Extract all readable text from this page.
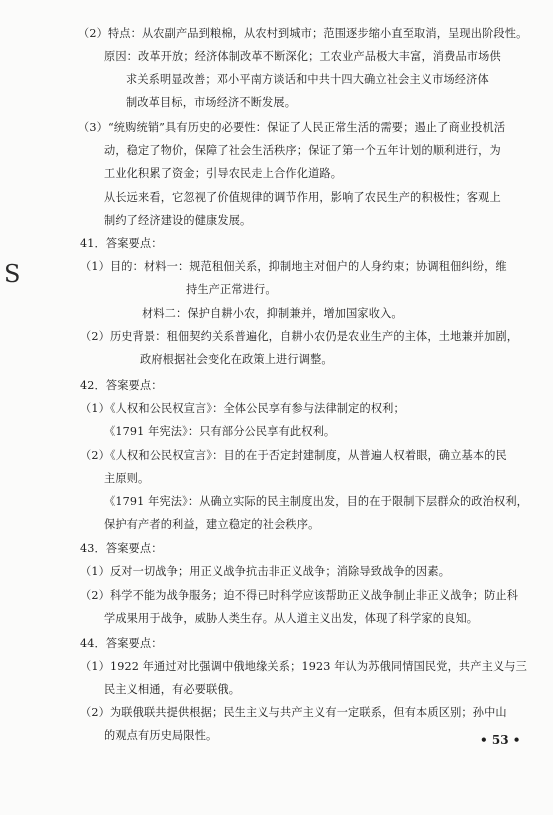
S
（2）特点：从农副产品到粮棉，从农村到城市；范围逐步缩小直至取消，呈现出阶段性。
原因：改革开放；经济体制改革不断深化；工农业产品极大丰富，消费品市场供
求关系明显改善；邓小平南方谈话和中共十四大确立社会主义市场经济体
制改革目标，市场经济不断发展。
（3）“统购统销”具有历史的必要性：保证了人民正常生活的需要；遏止了商业投机活
动，稳定了物价，保障了社会生活秩序；保证了第一个五年计划的顺利进行，为
工业化积累了资金；引导农民走上合作化道路。
从长远来看，它忽视了价值规律的调节作用，影响了农民生产的积极性；客观上
制约了经济建设的健康发展。
41．答案要点：
（1）目的：材料一：规范租佃关系，抑制地主对佃户的人身约束；协调租佃纠纷，维
持生产正常进行。
材料二：保护自耕小农，抑制兼并，增加国家收入。
（2）历史背景：租佃契约关系普遍化，自耕小农仍是农业生产的主体，土地兼并加剧，
政府根据社会变化在政策上进行调整。
42．答案要点：
（1）《人权和公民权宣言》：全体公民享有参与法律制定的权利；
《1791 年宪法》：只有部分公民享有此权利。
（2）《人权和公民权宣言》：目的在于否定封建制度，从普遍人权着眼，确立基本的民
主原则。
《1791 年宪法》：从确立实际的民主制度出发，目的在于限制下层群众的政治权利，
保护有产者的利益，建立稳定的社会秩序。
43．答案要点：
（1）反对一切战争；用正义战争抗击非正义战争；消除导致战争的因素。
（2）科学不能为战争服务；迫不得已时科学应该帮助正义战争制止非正义战争；防止科
学成果用于战争，威胁人类生存。从人道主义出发，体现了科学家的良知。
44．答案要点：
（1）1922 年通过对比强调中俄地缘关系；1923 年认为苏俄同情国民党，共产主义与三
民主义相通，有必要联俄。
（2）为联俄联共提供根据；民生主义与共产主义有一定联系，但有本质区别；孙中山
的观点有历史局限性。	• 53 •
